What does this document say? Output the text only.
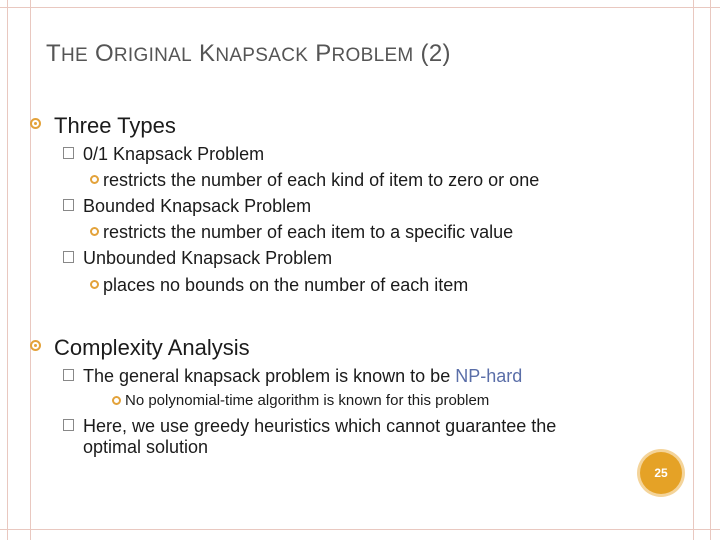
THE ORIGINAL KNAPSACK PROBLEM (2)
Three Types
0/1 Knapsack Problem
restricts the number of each kind of item to zero or one
Bounded Knapsack Problem
restricts the number of each item to a specific value
Unbounded Knapsack Problem
places no bounds on the number of each item
Complexity Analysis
The general knapsack problem is known to be NP-hard
No polynomial-time algorithm is known for this problem
Here, we use greedy heuristics which cannot guarantee the
optimal solution
25
